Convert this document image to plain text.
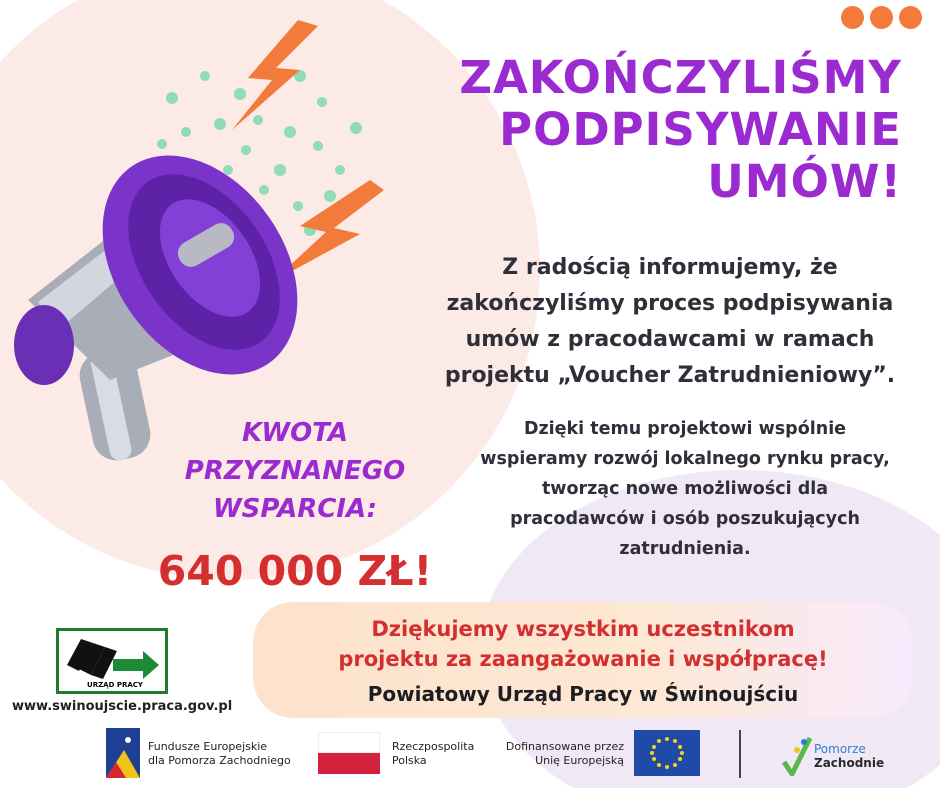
ZAKOŃCZYLIŚMY
PODPISYWANIE
UMÓW!
Z radością informujemy, że
zakończyliśmy proces podpisywania
umów z pracodawcami w ramach
projektu „Voucher Zatrudnieniowy”.
Dzięki temu projektowi wspólnie
wspieramy rozwój lokalnego rynku pracy,
tworząc nowe możliwości dla
pracodawców i osób poszukujących
zatrudnienia.
KWOTA
PRZYZNANEGO
WSPARCIA:
640 000 ZŁ!
Dziękujemy wszystkim uczestnikom
projektu za zaangażowanie i współpracę!
Powiatowy Urząd Pracy w Świnoujściu
URZĄD PRACY
www.swinoujscie.praca.gov.pl
Fundusze Europejskie
dla Pomorza Zachodniego
Rzeczpospolita
Polska
Dofinansowane przez
Unię Europejską
Pomorze
Zachodnie
